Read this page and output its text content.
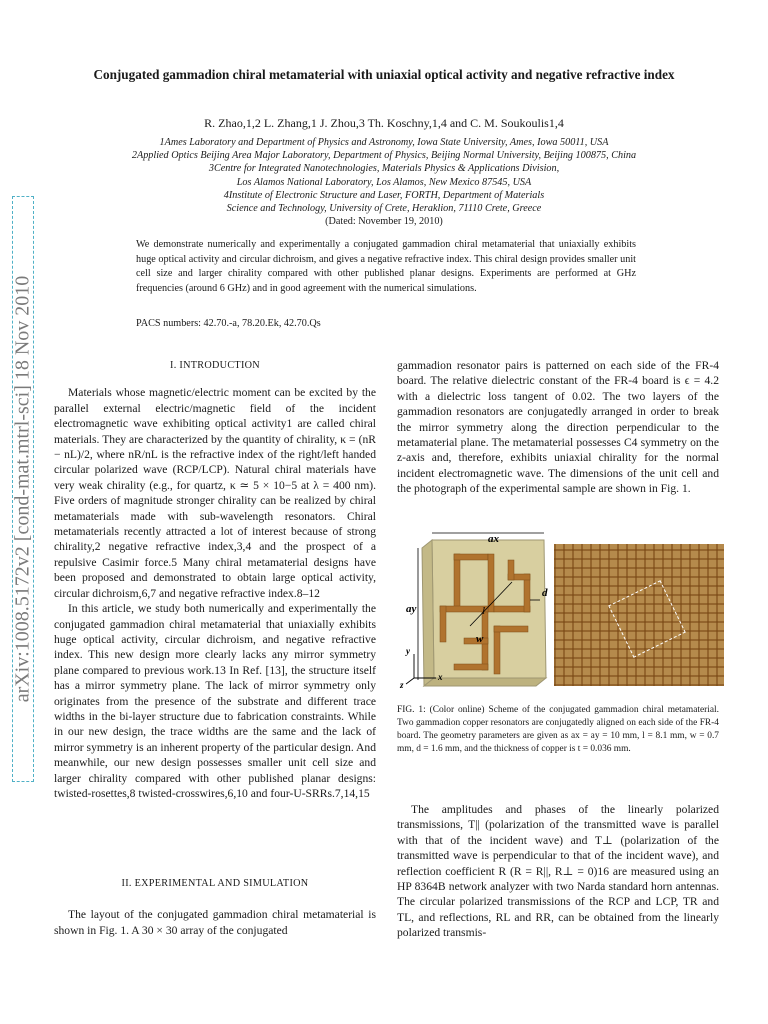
arXiv:1008.5172v2 [cond-mat.mtrl-sci] 18 Nov 2010
Conjugated gammadion chiral metamaterial with uniaxial optical activity and negative refractive index
R. Zhao,1,2 L. Zhang,1 J. Zhou,3 Th. Koschny,1,4 and C. M. Soukoulis1,4
1Ames Laboratory and Department of Physics and Astronomy, Iowa State University, Ames, Iowa 50011, USA
2Applied Optics Beijing Area Major Laboratory, Department of Physics, Beijing Normal University, Beijing 100875, China
3Centre for Integrated Nanotechnologies, Materials Physics & Applications Division,
Los Alamos National Laboratory, Los Alamos, New Mexico 87545, USA
4Institute of Electronic Structure and Laser, FORTH, Department of Materials
Science and Technology, University of Crete, Heraklion, 71110 Crete, Greece
(Dated: November 19, 2010)
We demonstrate numerically and experimentally a conjugated gammadion chiral metamaterial that uniaxially exhibits huge optical activity and circular dichroism, and gives a negative refractive index. This chiral design provides smaller unit cell size and larger chirality compared with other published planar designs. Experiments are performed at GHz frequencies (around 6 GHz) and in good agreement with the numerical simulations.
PACS numbers: 42.70.-a, 78.20.Ek, 42.70.Qs
I. INTRODUCTION

Materials whose magnetic/electric moment can be excited by the parallel external electric/magnetic field of the incident electromagnetic wave exhibiting optical activity1 are called chiral materials. They are characterized by the quantity of chirality, κ = (nR − nL)/2, where nR/nL is the refractive index of the right/left handed circular polarized wave (RCP/LCP). Natural chiral materials have very weak chirality (e.g., for quartz, κ ≃ 5 × 10−5 at λ = 400 nm). Five orders of magnitude stronger chirality can be realized by chiral metamaterials made with sub-wavelength resonators. Chiral metamaterials recently attracted a lot of interest because of strong chirality,2 negative refractive index,3,4 and the prospect of a repulsive Casimir force.5 Many chiral metamaterial designs have been proposed and demonstrated to obtain large optical activity, circular dichroism,6,7 and negative refractive index.8–12

In this article, we study both numerically and experimentally the conjugated gammadion chiral metamaterial that uniaxially exhibits huge optical activity, circular dichroism, and negative refractive index. This new design more clearly lacks any mirror symmetry plane compared to previous work.13 In Ref. [13], the structure itself has a mirror symmetry plane. The lack of mirror symmetry only originates from the presence of the substrate and different trace widths in the bi-layer structure due to fabrication constraints. While in our new design, the trace widths are the same and the lack of mirror symmetry is an inherent property of the particular design. And meanwhile, our new design possesses smaller unit cell size and larger chirality compared with other published planar designs: twisted-rosettes,8 twisted-crosswires,6,10 and four-U-SRRs.7,14,15

II. EXPERIMENTAL AND SIMULATION

The layout of the conjugated gammadion chiral metamaterial is shown in Fig. 1. A 30 × 30 array of the conjugated

gammadion resonator pairs is patterned on each side of the FR-4 board. The relative dielectric constant of the FR-4 board is ϵ = 4.2 with a dielectric loss tangent of 0.02. The two layers of the gammadion resonators are conjugatedly arranged in order to break the mirror symmetry along the direction perpendicular to the metamaterial plane. The metamaterial possesses C4 symmetry on the z-axis and, therefore, exhibits uniaxial chirality for the normal incident electromagnetic wave. The dimensions of the unit cell and the photograph of the experimental sample are shown in Fig. 1.

ax
ay
d
l
w
y
x
z
FIG. 1: (Color online) Scheme of the conjugated gammadion chiral metamaterial. Two gammadion copper resonators are conjugatedly aligned on each side of the FR-4 board. The geometry parameters are given as ax = ay = 10 mm, l = 8.1 mm, w = 0.7 mm, d = 1.6 mm, and the thickness of copper is t = 0.036 mm.

The amplitudes and phases of the linearly polarized transmissions, T|| (polarization of the transmitted wave is parallel with that of the incident wave) and T⊥ (polarization of the transmitted wave is perpendicular to that of the incident wave), and reflection coefficient R (R = R||, R⊥ = 0)16 are measured using an HP 8364B network analyzer with two Narda standard horn antennas. The circular polarized transmissions of the RCP and LCP, TR and TL, and reflections, RL and RR, can be obtained from the linearly polarized transmis-
